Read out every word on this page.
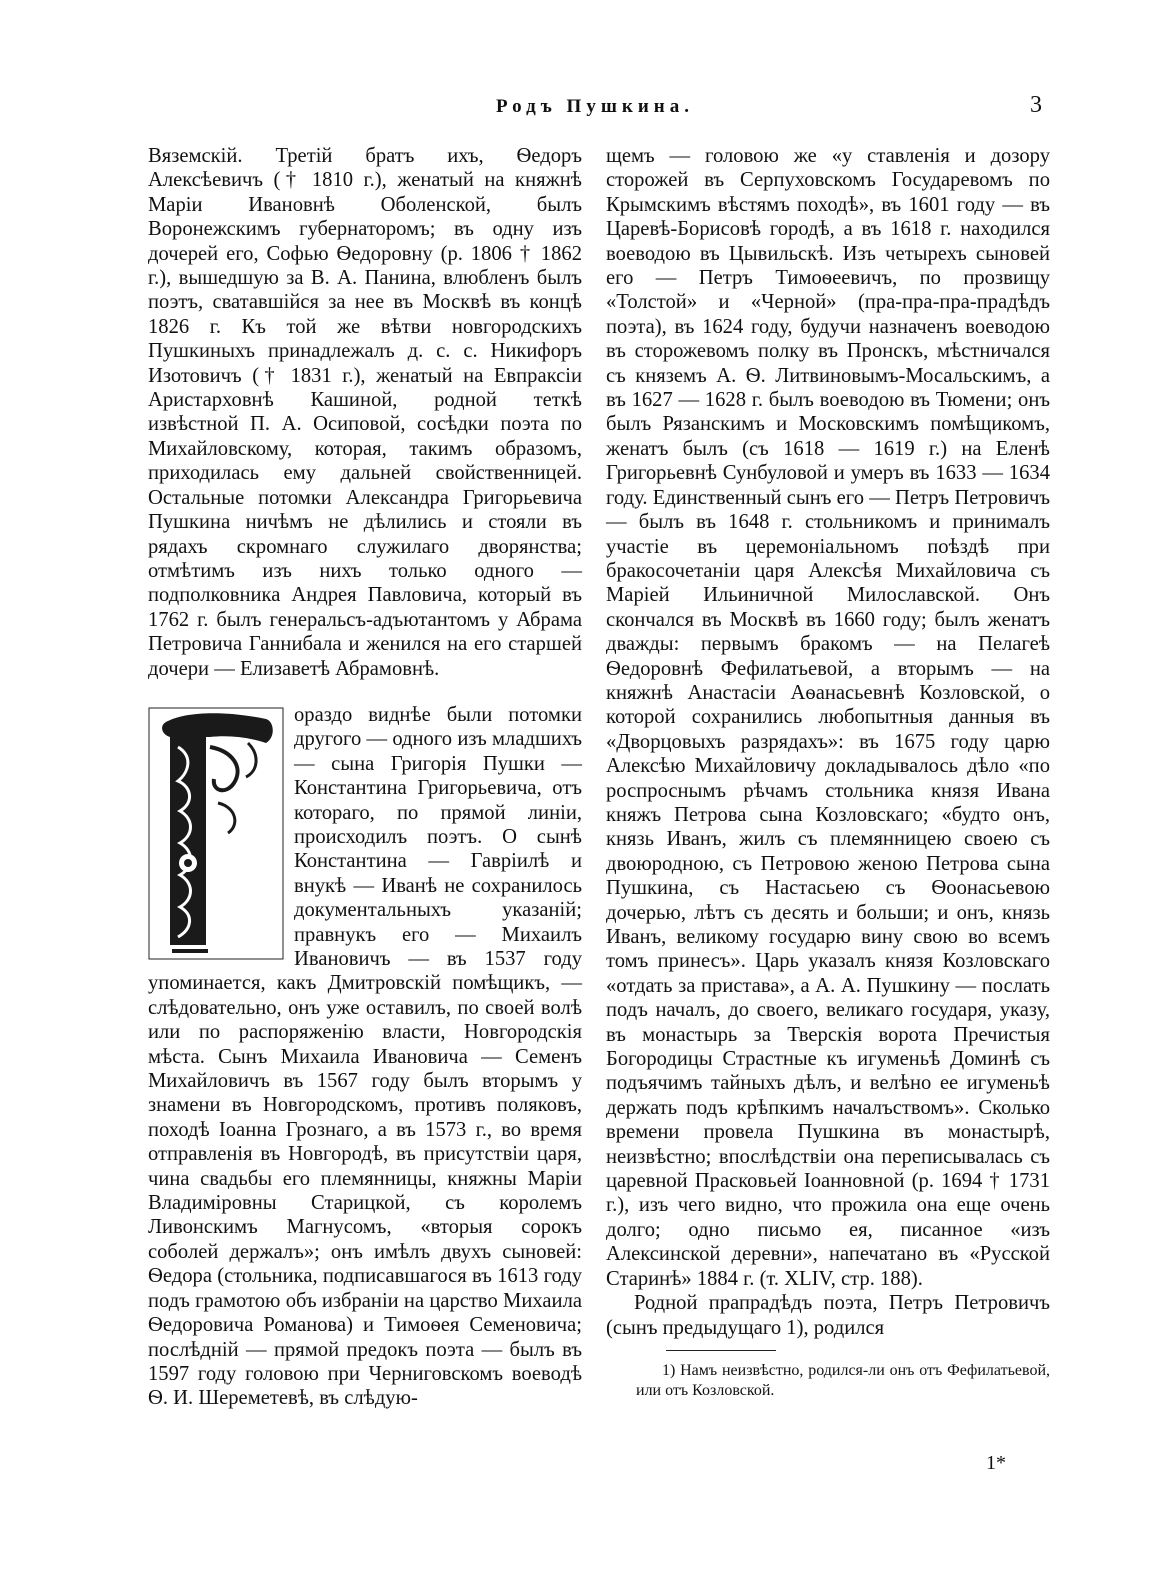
Родъ Пушкина.	3

Вяземскій. Третій братъ ихъ, Ѳедоръ Алексѣевичъ († 1810 г.), женатый на княжнѣ Маріи Ивановнѣ Оболенской, былъ Воронежскимъ губернаторомъ; въ одну изъ дочерей его, Софью Ѳедоровну (р. 1806 † 1862 г.), вышедшую за В. А. Панина, влюбленъ былъ поэтъ, сватавшійся за нее въ Москвѣ въ концѣ 1826 г. Къ той же вѣтви новгородскихъ Пушкиныхъ принадлежалъ д. с. с. Никифоръ Изотовичъ († 1831 г.), женатый на Евпраксіи Аристарховнѣ Кашиной, родной теткѣ извѣстной П. А. Осиповой, сосѣдки поэта по Михайловскому, которая, такимъ образомъ, приходилась ему дальней свойственницей. Остальные потомки Александра Григорьевича Пушкина ничѣмъ не дѣлились и стояли въ рядахъ скромнаго служилаго дворянства; отмѣтимъ изъ нихъ только одного — подполковника Андрея Павловича, который въ 1762 г. былъ генеральсъ-адъютантомъ у Абрама Петровича Ганнибала и женился на его старшей дочери — Елизаветѣ Абрамовнѣ.

ораздо виднѣе были потомки другого — одного изъ младшихъ — сына Григорія Пушки — Константина Григорьевича, отъ котораго, по прямой линіи, происходилъ поэтъ. О сынѣ Константина — Гавріилѣ и внукѣ — Иванѣ не сохранилось документальныхъ указаній; правнукъ его — Михаилъ Ивановичъ — въ 1537 году упоминается, какъ Дмитровскій помѣщикъ, — слѣдовательно, онъ уже оставилъ, по своей волѣ или по распоряженію власти, Новгородскія мѣста. Сынъ Михаила Ивановича — Семенъ Михайловичъ въ 1567 году былъ вторымъ у знамени въ Новгородскомъ, противъ поляковъ, походѣ Іоанна Грознаго, а въ 1573 г., во время отправленія въ Новгородѣ, въ присутствіи царя, чина свадьбы его племянницы, княжны Маріи Владиміровны Старицкой, съ королемъ Ливонскимъ Магнусомъ, «вторыя сорокъ соболей держалъ»; онъ имѣлъ двухъ сыновей: Ѳедора (стольника, подписавшагося въ 1613 году подъ грамотою объ избраніи на царство Михаила Ѳедоровича Романова) и Тимоѳея Семеновича; послѣдній — прямой предокъ поэта — былъ въ 1597 году головою при Черниговскомъ воеводѣ Ѳ. И. Шереметевѣ, въ слѣдую-

щемъ — головою же «у ставленія и дозору сторожей въ Серпуховскомъ Государевомъ по Крымскимъ вѣстямъ походѣ», въ 1601 году — въ Царевѣ-Борисовѣ городѣ, а въ 1618 г. находился воеводою въ Цывильскѣ. Изъ четырехъ сыновей его — Петръ Тимоѳеевичъ, по прозвищу «Толстой» и «Черной» (пра-пра-пра-прадѣдъ поэта), въ 1624 году, будучи назначенъ воеводою въ сторожевомъ полку въ Пронскъ, мѣстничался съ княземъ А. Ѳ. Литвиновымъ-Мосальскимъ, а въ 1627 — 1628 г. былъ воеводою въ Тюмени; онъ былъ Рязанскимъ и Московскимъ помѣщикомъ, женатъ былъ (съ 1618 — 1619 г.) на Еленѣ Григорьевнѣ Сунбуловой и умеръ въ 1633 — 1634 году. Единственный сынъ его — Петръ Петровичъ — былъ въ 1648 г. стольникомъ и принималъ участіе въ церемоніальномъ поѣздѣ при бракосочетаніи царя Алексѣя Михайловича съ Маріей Ильиничной Милославской. Онъ скончался въ Москвѣ въ 1660 году; былъ женатъ дважды: первымъ бракомъ — на Пелагеѣ Ѳедоровнѣ Фефилатьевой, а вторымъ — на княжнѣ Анастасіи Аѳанасьевнѣ Козловской, о которой сохранились любопытныя данныя въ «Дворцовыхъ разрядахъ»: въ 1675 году царю Алексѣю Михайловичу докладывалось дѣло «по роспроснымъ рѣчамъ стольника князя Ивана княжъ Петрова сына Козловскаго; «будто онъ, князь Иванъ, жилъ съ племянницею своею съ двоюродною, съ Петровою женою Петрова сына Пушкина, съ Настасьею съ Ѳоонасьевою дочерью, лѣтъ съ десять и больши; и онъ, князь Иванъ, великому государю вину свою во всемъ томъ принесъ». Царь указалъ князя Козловскаго «отдать за пристава», а А. А. Пушкину — послать подъ началъ, до своего, великаго государя, указу, въ монастырь за Тверскія ворота Пречистыя Богородицы Страстные къ игуменьѣ Доминѣ съ подъячимъ тайныхъ дѣлъ, и велѣно ее игуменьѣ держать подъ крѣпкимъ началъствомъ». Сколько времени провела Пушкина въ монастырѣ, неизвѣстно; впослѣдствіи она переписывалась съ царевной Прасковьей Іоанновной (р. 1694 † 1731 г.), изъ чего видно, что прожила она еще очень долго; одно письмо ея, писанное «изъ Алексинской деревни», напечатано въ «Русской Старинѣ» 1884 г. (т. XLIV, стр. 188).

Родной прапрадѣдъ поэта, Петръ Петровичъ (сынъ предыдущаго 1), родился

1) Намъ неизвѣстно, родился-ли онъ отъ Фефилатьевой, или отъ Козловской.

1*
